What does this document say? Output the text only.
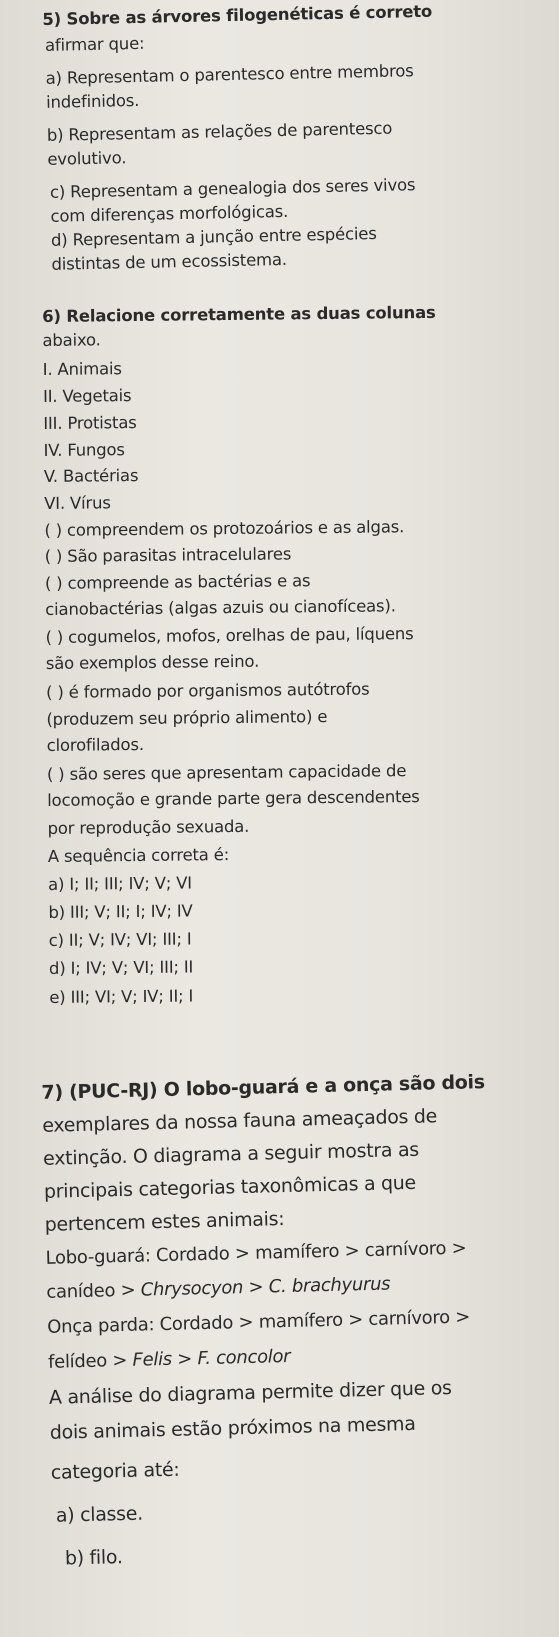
5) Sobre as árvores filogenéticas é correto
afirmar que:
a) Representam o parentesco entre membros
indefinidos.
b) Representam as relações de parentesco
evolutivo.
c) Representam a genealogia dos seres vivos
com diferenças morfológicas.
d) Representam a junção entre espécies
distintas de um ecossistema.
6) Relacione corretamente as duas colunas
abaixo.
I. Animais
II. Vegetais
III. Protistas
IV. Fungos
V. Bactérias
VI. Vírus
( ) compreendem os protozoários e as algas.
( ) São parasitas intracelulares
( ) compreende as bactérias e as
cianobactérias (algas azuis ou cianofíceas).
( ) cogumelos, mofos, orelhas de pau, líquens
são exemplos desse reino.
( ) é formado por organismos autótrofos
(produzem seu próprio alimento) e
clorofilados.
( ) são seres que apresentam capacidade de
locomoção e grande parte gera descendentes
por reprodução sexuada.
A sequência correta é:
a) I; II; III; IV; V; VI
b) III; V; II; I; IV; IV
c) II; V; IV; VI; III; I
d) I; IV; V; VI; III; II
e) III; VI; V; IV; II; I
7) (PUC-RJ) O lobo-guará e a onça são dois
exemplares da nossa fauna ameaçados de
extinção. O diagrama a seguir mostra as
principais categorias taxonômicas a que
pertencem estes animais:
Lobo-guará: Cordado > mamífero > carnívoro >
canídeo > Chrysocyon > C. brachyurus
Onça parda: Cordado > mamífero > carnívoro >
felídeo > Felis > F. concolor
A análise do diagrama permite dizer que os
dois animais estão próximos na mesma
categoria até:
a) classe.
b) filo.
